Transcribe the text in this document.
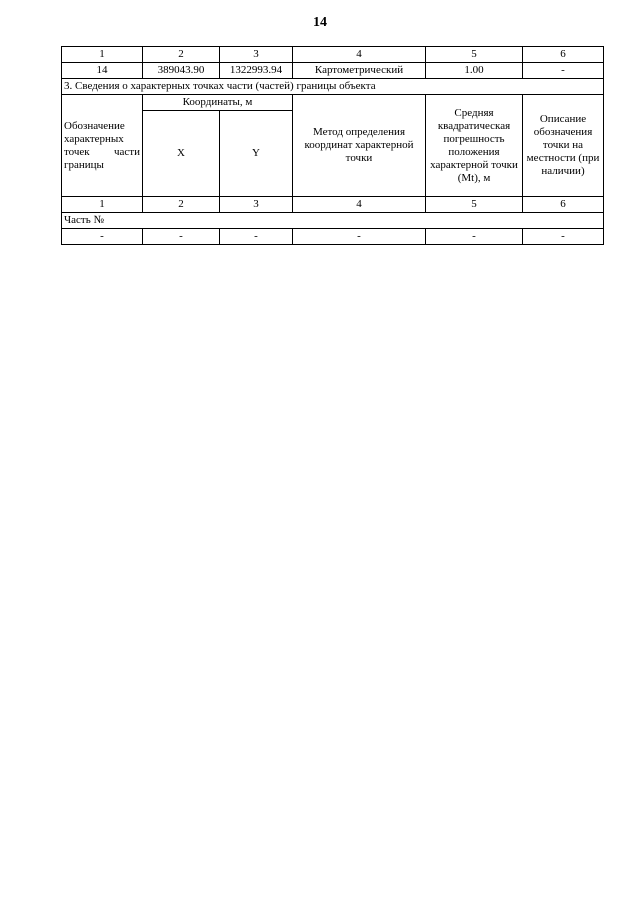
14
1	2	3	4	5	6
14	389043.90	1322993.94	Картометрический	1.00	-
3. Сведения о характерных точках части (частей) границы объекта					
Обозначение характерных точек части границы	Координаты, м		Метод определения координат характерной точки	Средняя квадратическая погрешность положения характерной точки (Mt), м	Описание обозначения точки на местности (при наличии)
	X	Y			
1	2	3	4	5	6
Часть №					
-	-	-	-	-	-
